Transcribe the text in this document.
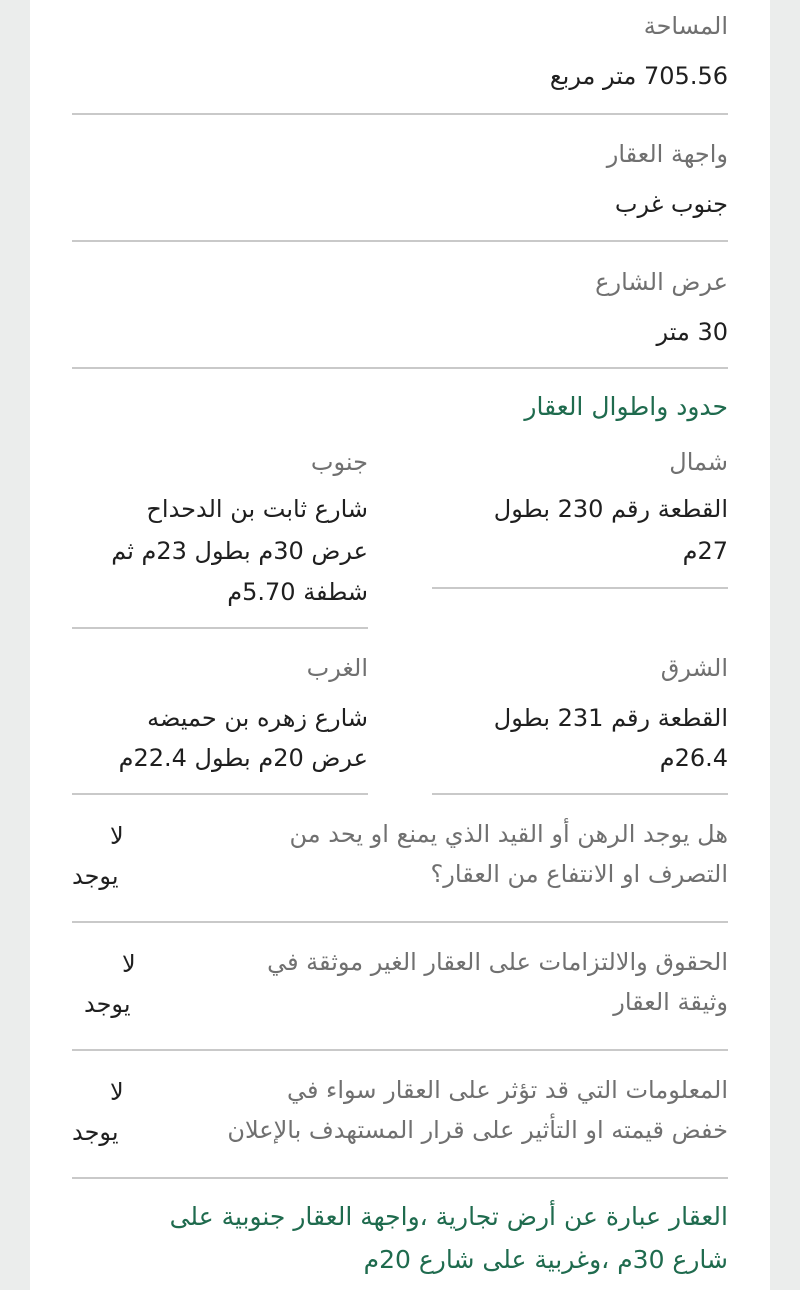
المساحة
705.56 متر مربع
واجهة العقار
جنوب غرب
عرض الشارع
30 متر
حدود واطوال العقار
شمال
القطعة رقم 230 بطول
27م
جنوب
شارع ثابت بن الدحداح
عرض 30م بطول 23م ثم
شطفة 5.70م
الشرق
القطعة رقم 231 بطول
26.4م
الغرب
شارع زهره بن حميضه
عرض 20م بطول 22.4م
هل يوجد الرهن أو القيد الذي يمنع او يحد من
التصرف او الانتفاع من العقار؟
لا
يوجد
الحقوق والالتزامات على العقار الغير موثقة في
وثيقة العقار
لا
يوجد
المعلومات التي قد تؤثر على العقار سواء في
خفض قيمته او التأثير على قرار المستهدف بالإعلان
لا
يوجد
العقار عبارة عن أرض تجارية ،واجهة العقار جنوبية على
شارع 30م ،وغربية على شارع 20م
